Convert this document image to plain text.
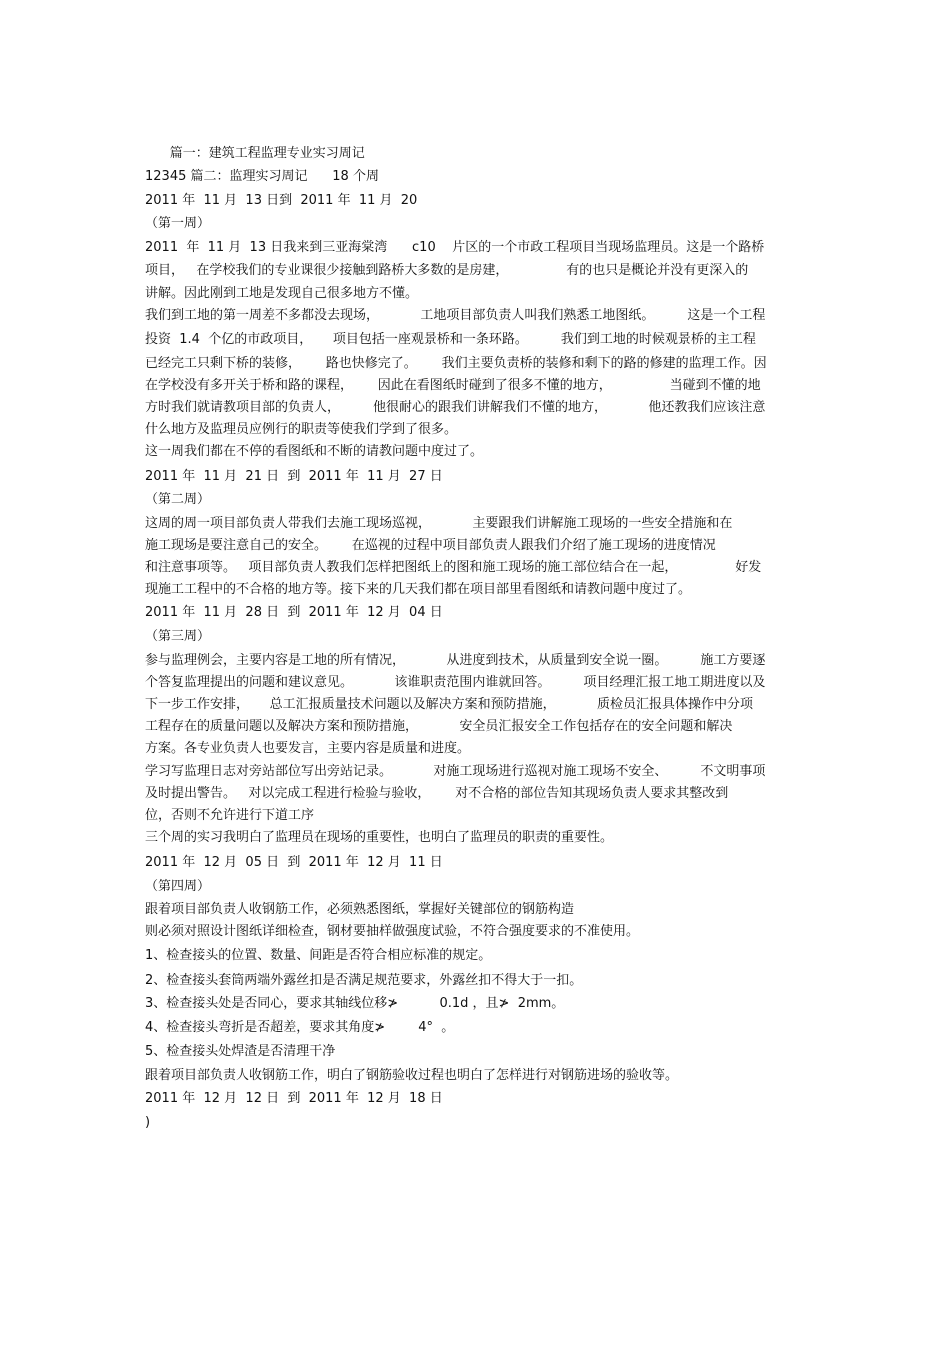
篇一：建筑工程监理专业实习周记
12345 篇二：监理实习周记      18 个周
2011 年  11 月  13 日到  2011 年  11 月  20
（第一周）
2011  年  11 月  13 日我来到三亚海棠湾      c10    片区的一个市政工程项目当现场监理员。这是一个路桥
项目，   在学校我们的专业课很少接触到路桥大多数的是房建，              有的也只是概论并没有更深入的
讲解。因此刚到工地是发现自己很多地方不懂。
我们到工地的第一周差不多都没去现场，          工地项目部负责人叫我们熟悉工地图纸。        这是一个工程
投资  1.4  个亿的市政项目，     项目包括一座观景桥和一条环路。        我们到工地的时候观景桥的主工程
已经完工只剩下桥的装修，      路也快修完了。      我们主要负责桥的装修和剩下的路的修建的监理工作。因
在学校没有多开关于桥和路的课程，      因此在看图纸时碰到了很多不懂的地方，              当碰到不懂的地
方时我们就请教项目部的负责人，        他很耐心的跟我们讲解我们不懂的地方，          他还教我们应该注意
什么地方及监理员应例行的职责等使我们学到了很多。
这一周我们都在不停的看图纸和不断的请教问题中度过了。
2011 年  11 月  21 日  到  2011 年  11 月  27 日
（第二周）
这周的周一项目部负责人带我们去施工现场巡视，          主要跟我们讲解施工现场的一些安全措施和在
施工现场是要注意自己的安全。      在巡视的过程中项目部负责人跟我们介绍了施工现场的进度情况
和注意事项等。   项目部负责人教我们怎样把图纸上的图和施工现场的施工部位结合在一起，              好发
现施工工程中的不合格的地方等。接下来的几天我们都在项目部里看图纸和请教问题中度过了。
2011 年  11 月  28 日  到  2011 年  12 月  04 日
（第三周）
参与监理例会，主要内容是工地的所有情况，          从进度到技术，从质量到安全说一圈。        施工方要逐
个答复监理提出的问题和建议意见。          该谁职责范围内谁就回答。        项目经理汇报工地工期进度以及
下一步工作安排，     总工汇报质量技术问题以及解决方案和预防措施，          质检员汇报具体操作中分项
工程存在的质量问题以及解决方案和预防措施，          安全员汇报安全工作包括存在的安全问题和解决
方案。各专业负责人也要发言，主要内容是质量和进度。
学习写监理日志对旁站部位写出旁站记录。          对施工现场进行巡视对施工现场不安全、        不文明事项
及时提出警告。   对以完成工程进行检验与验收，      对不合格的部位告知其现场负责人要求其整改到
位，否则不允许进行下道工序
三个周的实习我明白了监理员在现场的重要性，也明白了监理员的职责的重要性。
2011 年  12 月  05 日  到  2011 年  12 月  11 日
（第四周）
跟着项目部负责人收钢筋工作，必须熟悉图纸，掌握好关键部位的钢筋构造
则必须对照设计图纸详细检查，钢材要抽样做强度试验，不符合强度要求的不准使用。
1、检查接头的位置、数量、间距是否符合相应标准的规定。
2、检查接头套筒两端外露丝扣是否满足规范要求，外露丝扣不得大于一扣。
3、检查接头处是否同心，要求其轴线位移≯          0.1d ，且≯  2mm。
4、检查接头弯折是否超差，要求其角度≯        4°  。
5、检查接头处焊渣是否清理干净
跟着项目部负责人收钢筋工作，明白了钢筋验收过程也明白了怎样进行对钢筋进场的验收等。
2011 年  12 月  12 日  到  2011 年  12 月  18 日
)
